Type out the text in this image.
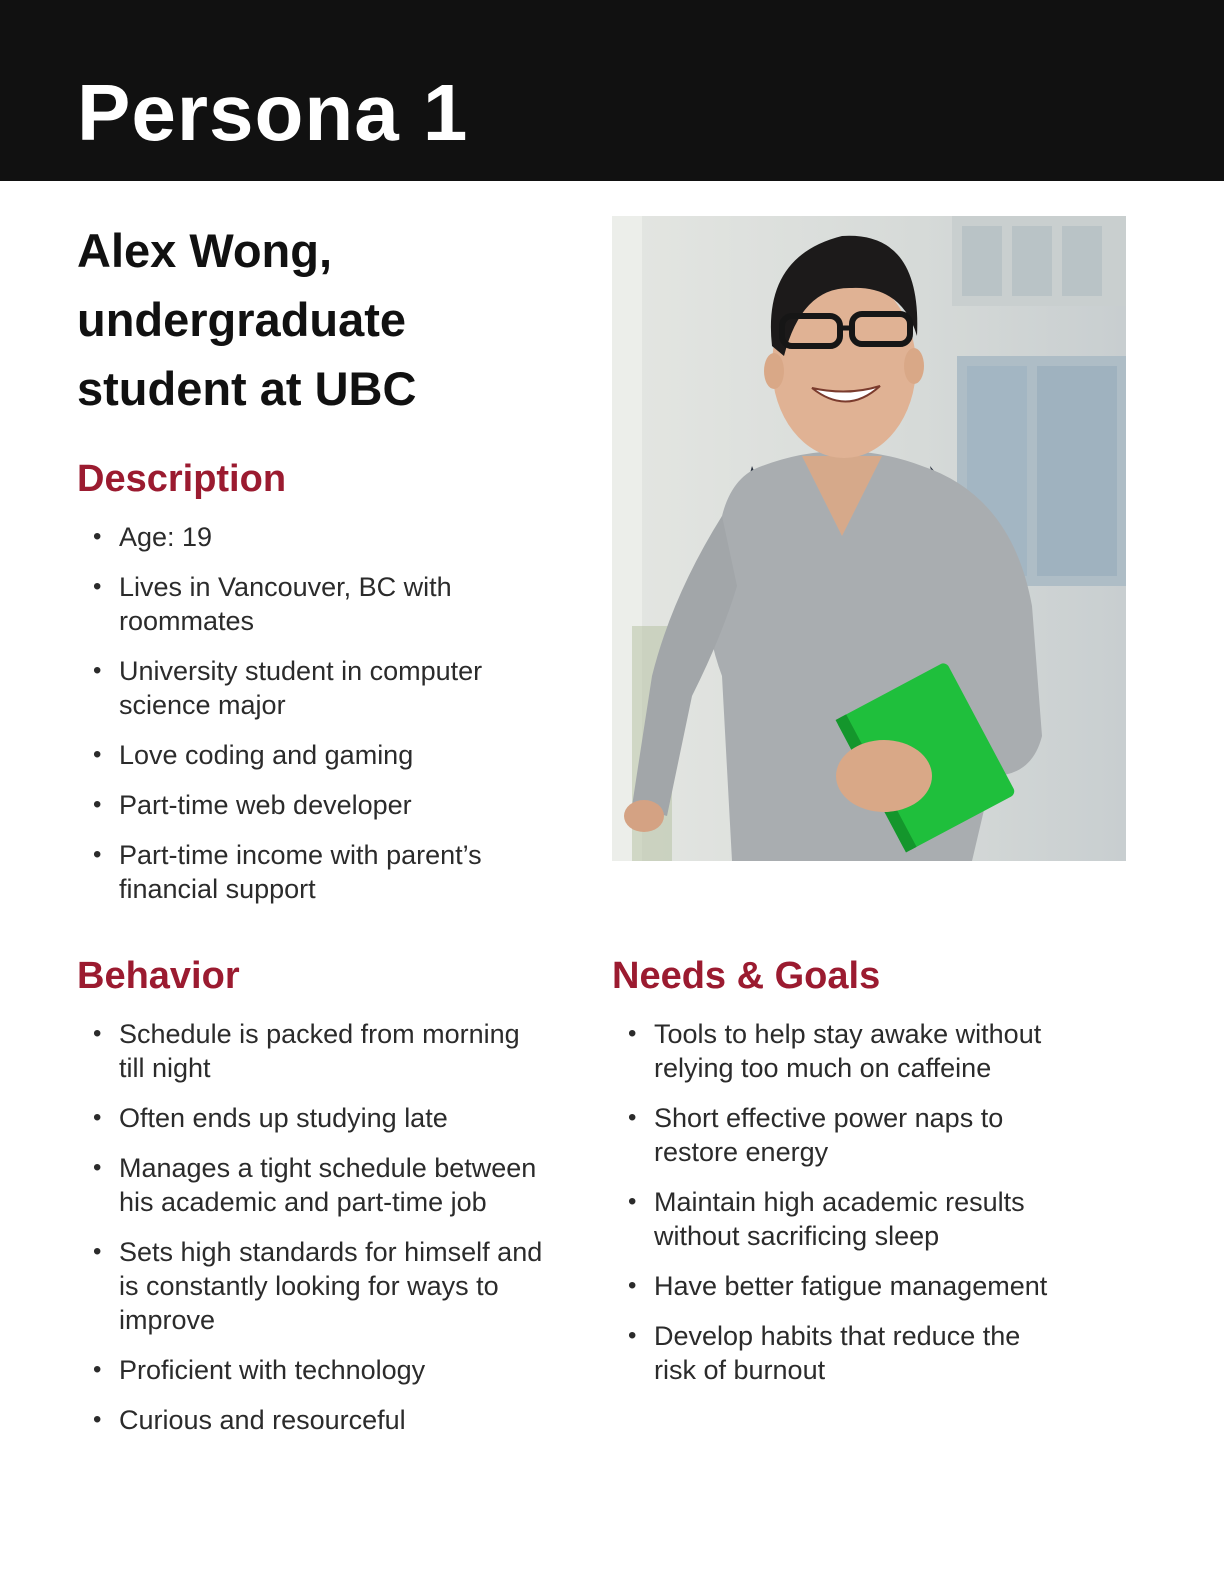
Persona 1
Alex Wong, undergraduate student at UBC
Description
• Age: 19
• Lives in Vancouver, BC with roommates
• University student in computer science major
• Love coding and gaming
• Part-time web developer
• Part-time income with parent’s financial support
Behavior
• Schedule is packed from morning till night
• Often ends up studying late
• Manages a tight schedule between his academic and part-time job
• Sets high standards for himself and is constantly looking for ways to improve
• Proficient with technology
• Curious and resourceful
Needs & Goals
• Tools to help stay awake without relying too much on caffeine
• Short effective power naps to restore energy
• Maintain high academic results without sacrificing sleep
• Have better fatigue management
• Develop habits that reduce the risk of burnout
